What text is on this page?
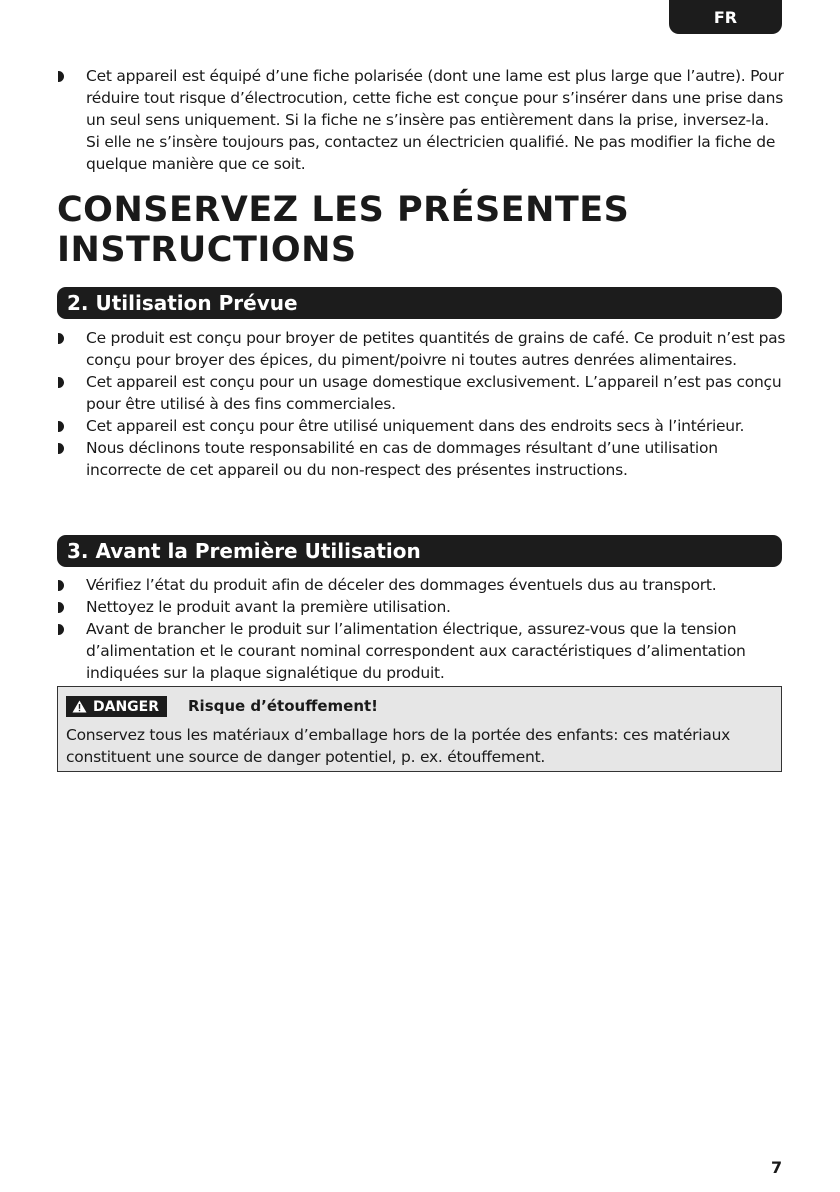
FR
Cet appareil est équipé d’une fiche polarisée (dont une lame est plus large que l’autre). Pour réduire tout risque d’électrocution, cette fiche est conçue pour s’insérer dans une prise dans un seul sens uniquement. Si la fiche ne s’insère pas entièrement dans la prise, inversez-la. Si elle ne s’insère toujours pas, contactez un électricien qualifié. Ne pas modifier la fiche de quelque manière que ce soit.
CONSERVEZ LES PRÉSENTES INSTRUCTIONS
2. Utilisation Prévue
Ce produit est conçu pour broyer de petites quantités de grains de café. Ce produit n’est pas conçu pour broyer des épices, du piment/poivre ni toutes autres denrées alimentaires.
Cet appareil est conçu pour un usage domestique exclusivement. L’appareil n’est pas conçu pour être utilisé à des fins commerciales.
Cet appareil est conçu pour être utilisé uniquement dans des endroits secs à l’intérieur.
Nous déclinons toute responsabilité en cas de dommages résultant d’une utilisation incorrecte de cet appareil ou du non-respect des présentes instructions.
3. Avant la Première Utilisation
Vérifiez l’état du produit afin de déceler des dommages éventuels dus au transport.
Nettoyez le produit avant la première utilisation.
Avant de brancher le produit sur l’alimentation électrique, assurez-vous que la tension d’alimentation et le courant nominal correspondent aux caractéristiques d’alimentation indiquées sur la plaque signalétique du produit.
DANGER Risque d’étouffement!
Conservez tous les matériaux d’emballage hors de la portée des enfants: ces matériaux constituent une source de danger potentiel, p. ex. étouffement.
7
